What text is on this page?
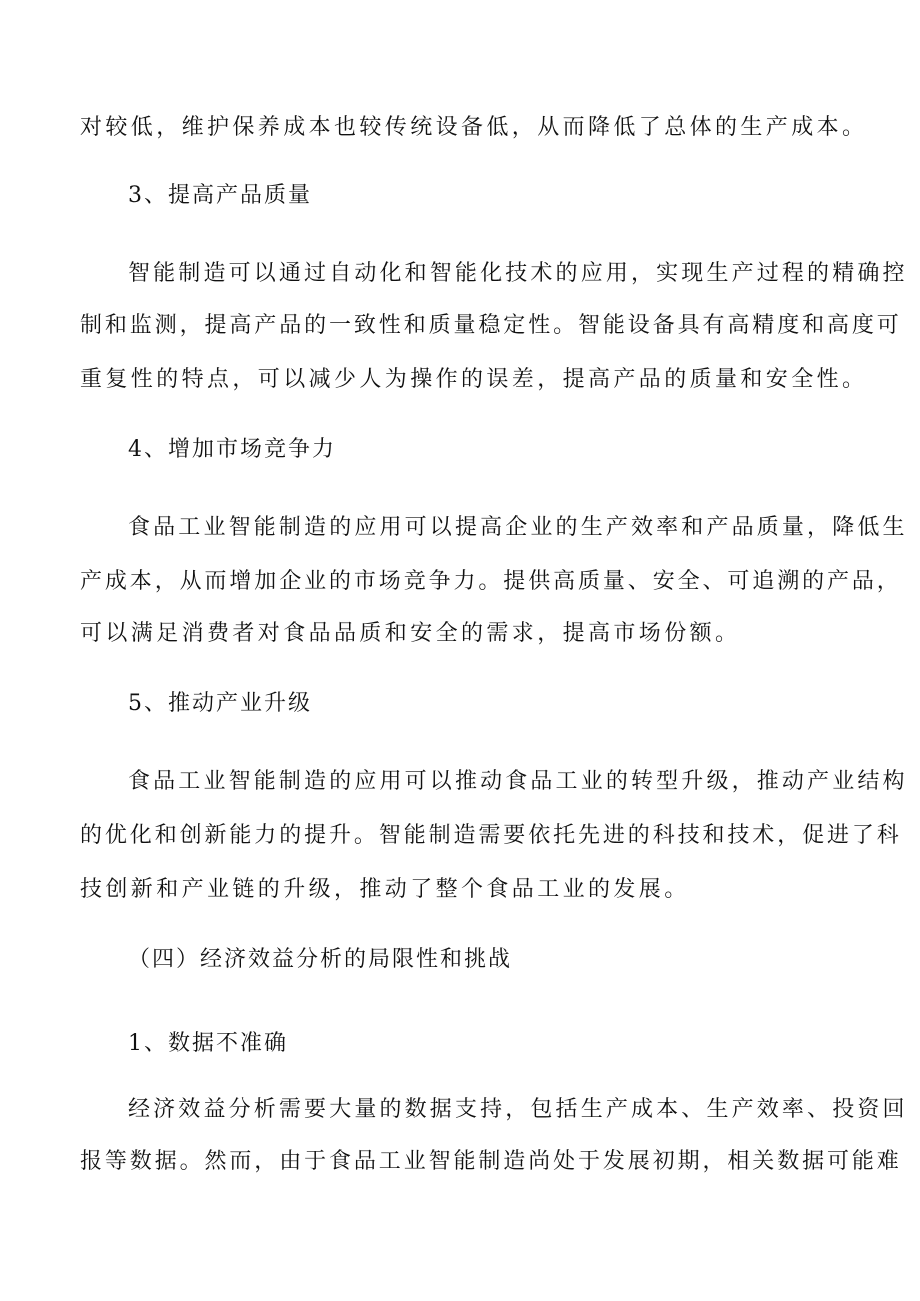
对较低，维护保养成本也较传统设备低，从而降低了总体的生产成本。
3、提高产品质量
智能制造可以通过自动化和智能化技术的应用，实现生产过程的精确控
制和监测，提高产品的一致性和质量稳定性。智能设备具有高精度和高度可
重复性的特点，可以减少人为操作的误差，提高产品的质量和安全性。
4、增加市场竞争力
食品工业智能制造的应用可以提高企业的生产效率和产品质量，降低生
产成本，从而增加企业的市场竞争力。提供高质量、安全、可追溯的产品，
可以满足消费者对食品品质和安全的需求，提高市场份额。
5、推动产业升级
食品工业智能制造的应用可以推动食品工业的转型升级，推动产业结构
的优化和创新能力的提升。智能制造需要依托先进的科技和技术，促进了科
技创新和产业链的升级，推动了整个食品工业的发展。
（四）经济效益分析的局限性和挑战
1、数据不准确
经济效益分析需要大量的数据支持，包括生产成本、生产效率、投资回
报等数据。然而，由于食品工业智能制造尚处于发展初期，相关数据可能难
